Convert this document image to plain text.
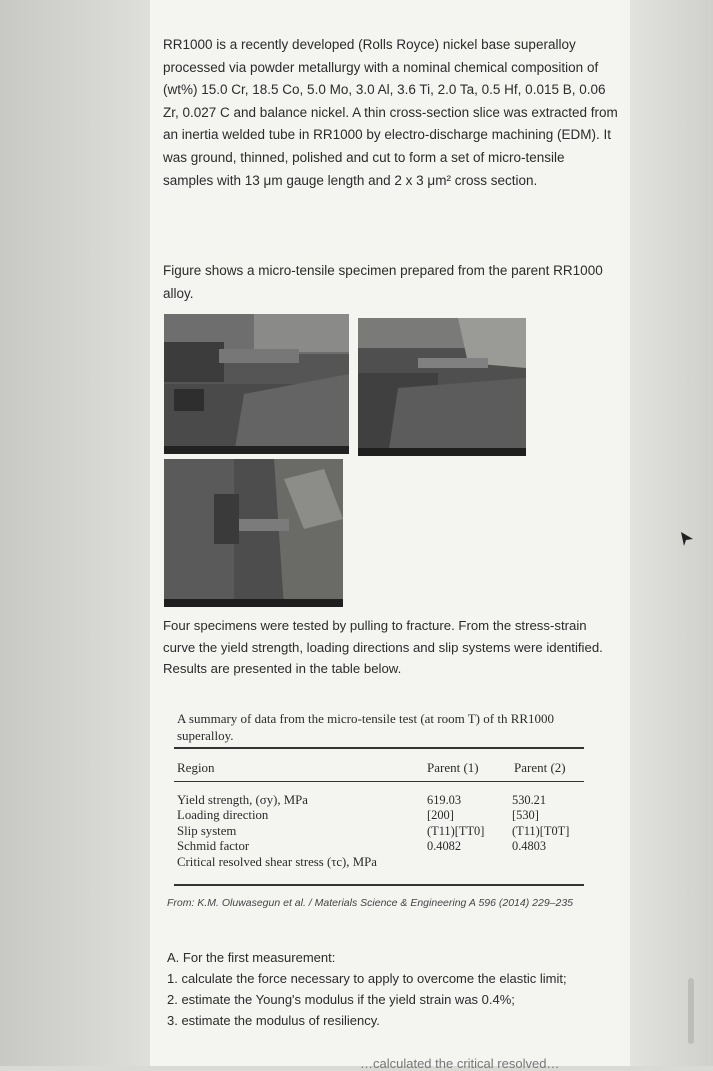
RR1000 is a recently developed (Rolls Royce) nickel base superalloy processed via powder metallurgy with a nominal chemical composition of (wt%) 15.0 Cr, 18.5 Co, 5.0 Mo, 3.0 Al, 3.6 Ti, 2.0 Ta, 0.5 Hf, 0.015 B, 0.06 Zr, 0.027 C and balance nickel. A thin cross-section slice was extracted from an inertia welded tube in RR1000 by electro-discharge machining (EDM). It was ground, thinned, polished and cut to form a set of micro-tensile samples with 13 μm gauge length and 2 x 3 μm² cross section.

Figure shows a micro-tensile specimen prepared from the parent RR1000 alloy.

Four specimens were tested by pulling to fracture. From the stress-strain curve the yield strength, loading directions and slip systems were identified. Results are presented in the table below.

A summary of data from the micro-tensile test (at room T) of th RR1000 superalloy.
Region	Parent (1)	Parent (2)
Yield strength, (σy), MPa
Loading direction
Slip system
Schmid factor
Critical resolved shear stress (τc), MPa
619.03
[200]
(T11)[TT0]
0.4082
530.21
[530]
(T11)[T0T]
0.4803
From: K.M. Oluwasegun et al. / Materials Science & Engineering A 596 (2014) 229–235
A. For the first measurement:
1. calculate the force necessary to apply to overcome the elastic limit;
2. estimate the Young's modulus if the yield strain was 0.4%;
3. estimate the modulus of resiliency.
…calculated the critical resolved…
